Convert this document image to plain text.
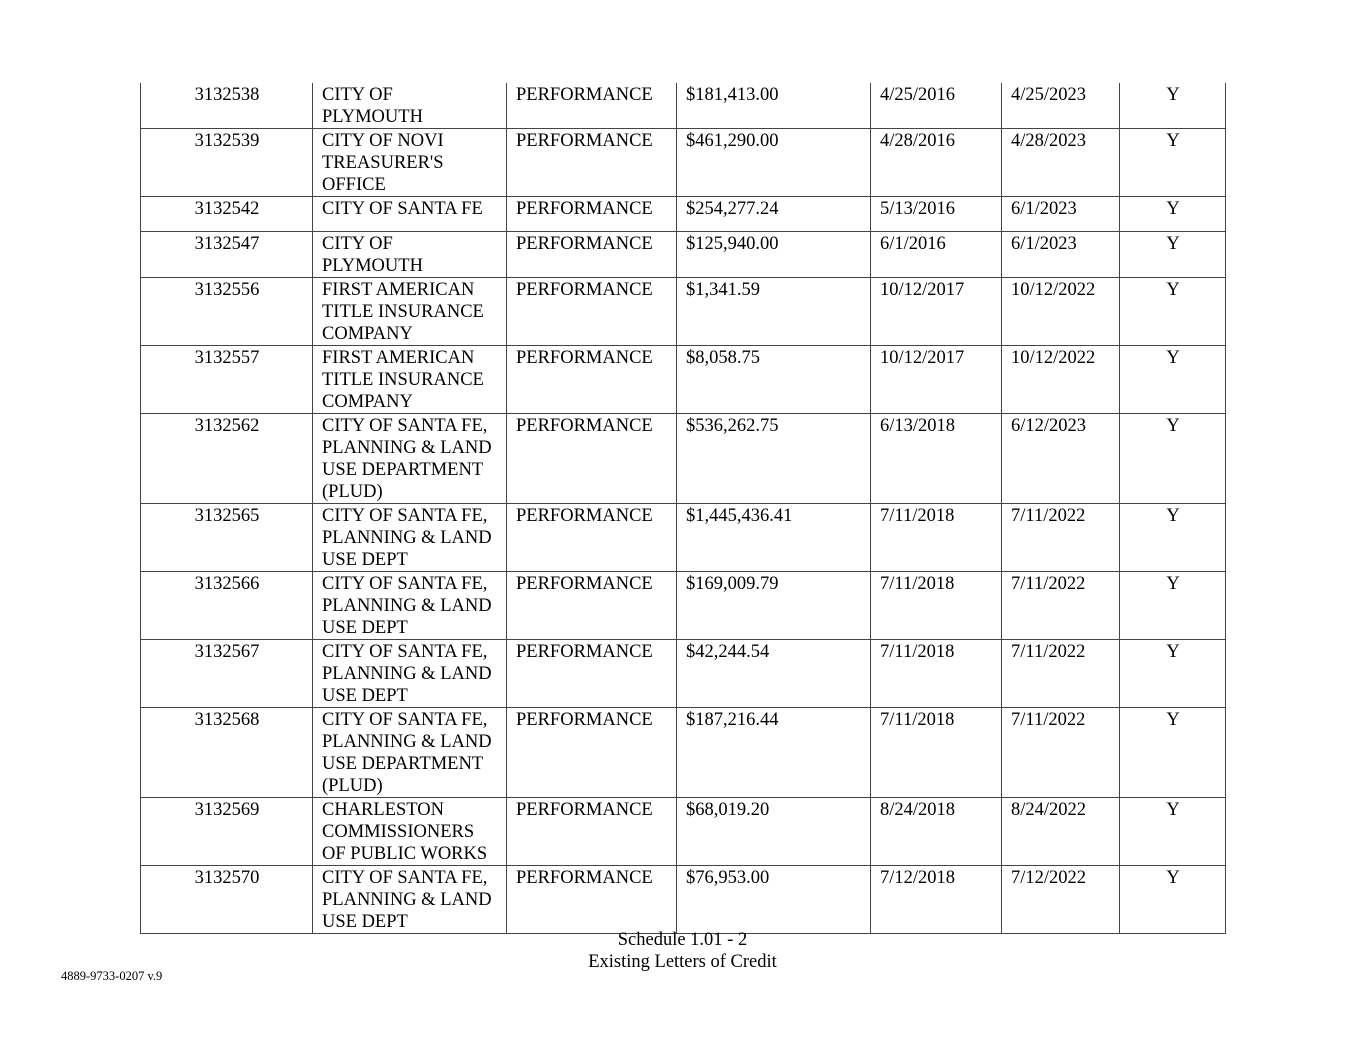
3132538	CITY OF PLYMOUTH	PERFORMANCE	$181,413.00	4/25/2016	4/25/2023	Y
3132539	CITY OF NOVI TREASURER'S OFFICE	PERFORMANCE	$461,290.00	4/28/2016	4/28/2023	Y
3132542	CITY OF SANTA FE	PERFORMANCE	$254,277.24	5/13/2016	6/1/2023	Y
3132547	CITY OF PLYMOUTH	PERFORMANCE	$125,940.00	6/1/2016	6/1/2023	Y
3132556	FIRST AMERICAN TITLE INSURANCE COMPANY	PERFORMANCE	$1,341.59	10/12/2017	10/12/2022	Y
3132557	FIRST AMERICAN TITLE INSURANCE COMPANY	PERFORMANCE	$8,058.75	10/12/2017	10/12/2022	Y
3132562	CITY OF SANTA FE, PLANNING & LAND USE DEPARTMENT (PLUD)	PERFORMANCE	$536,262.75	6/13/2018	6/12/2023	Y
3132565	CITY OF SANTA FE, PLANNING & LAND USE DEPT	PERFORMANCE	$1,445,436.41	7/11/2018	7/11/2022	Y
3132566	CITY OF SANTA FE, PLANNING & LAND USE DEPT	PERFORMANCE	$169,009.79	7/11/2018	7/11/2022	Y
3132567	CITY OF SANTA FE, PLANNING & LAND USE DEPT	PERFORMANCE	$42,244.54	7/11/2018	7/11/2022	Y
3132568	CITY OF SANTA FE, PLANNING & LAND USE DEPARTMENT (PLUD)	PERFORMANCE	$187,216.44	7/11/2018	7/11/2022	Y
3132569	CHARLESTON COMMISSIONERS OF PUBLIC WORKS	PERFORMANCE	$68,019.20	8/24/2018	8/24/2022	Y
3132570	CITY OF SANTA FE, PLANNING & LAND USE DEPT	PERFORMANCE	$76,953.00	7/12/2018	7/12/2022	Y
Schedule 1.01 - 2
Existing Letters of Credit
4889-9733-0207 v.9
